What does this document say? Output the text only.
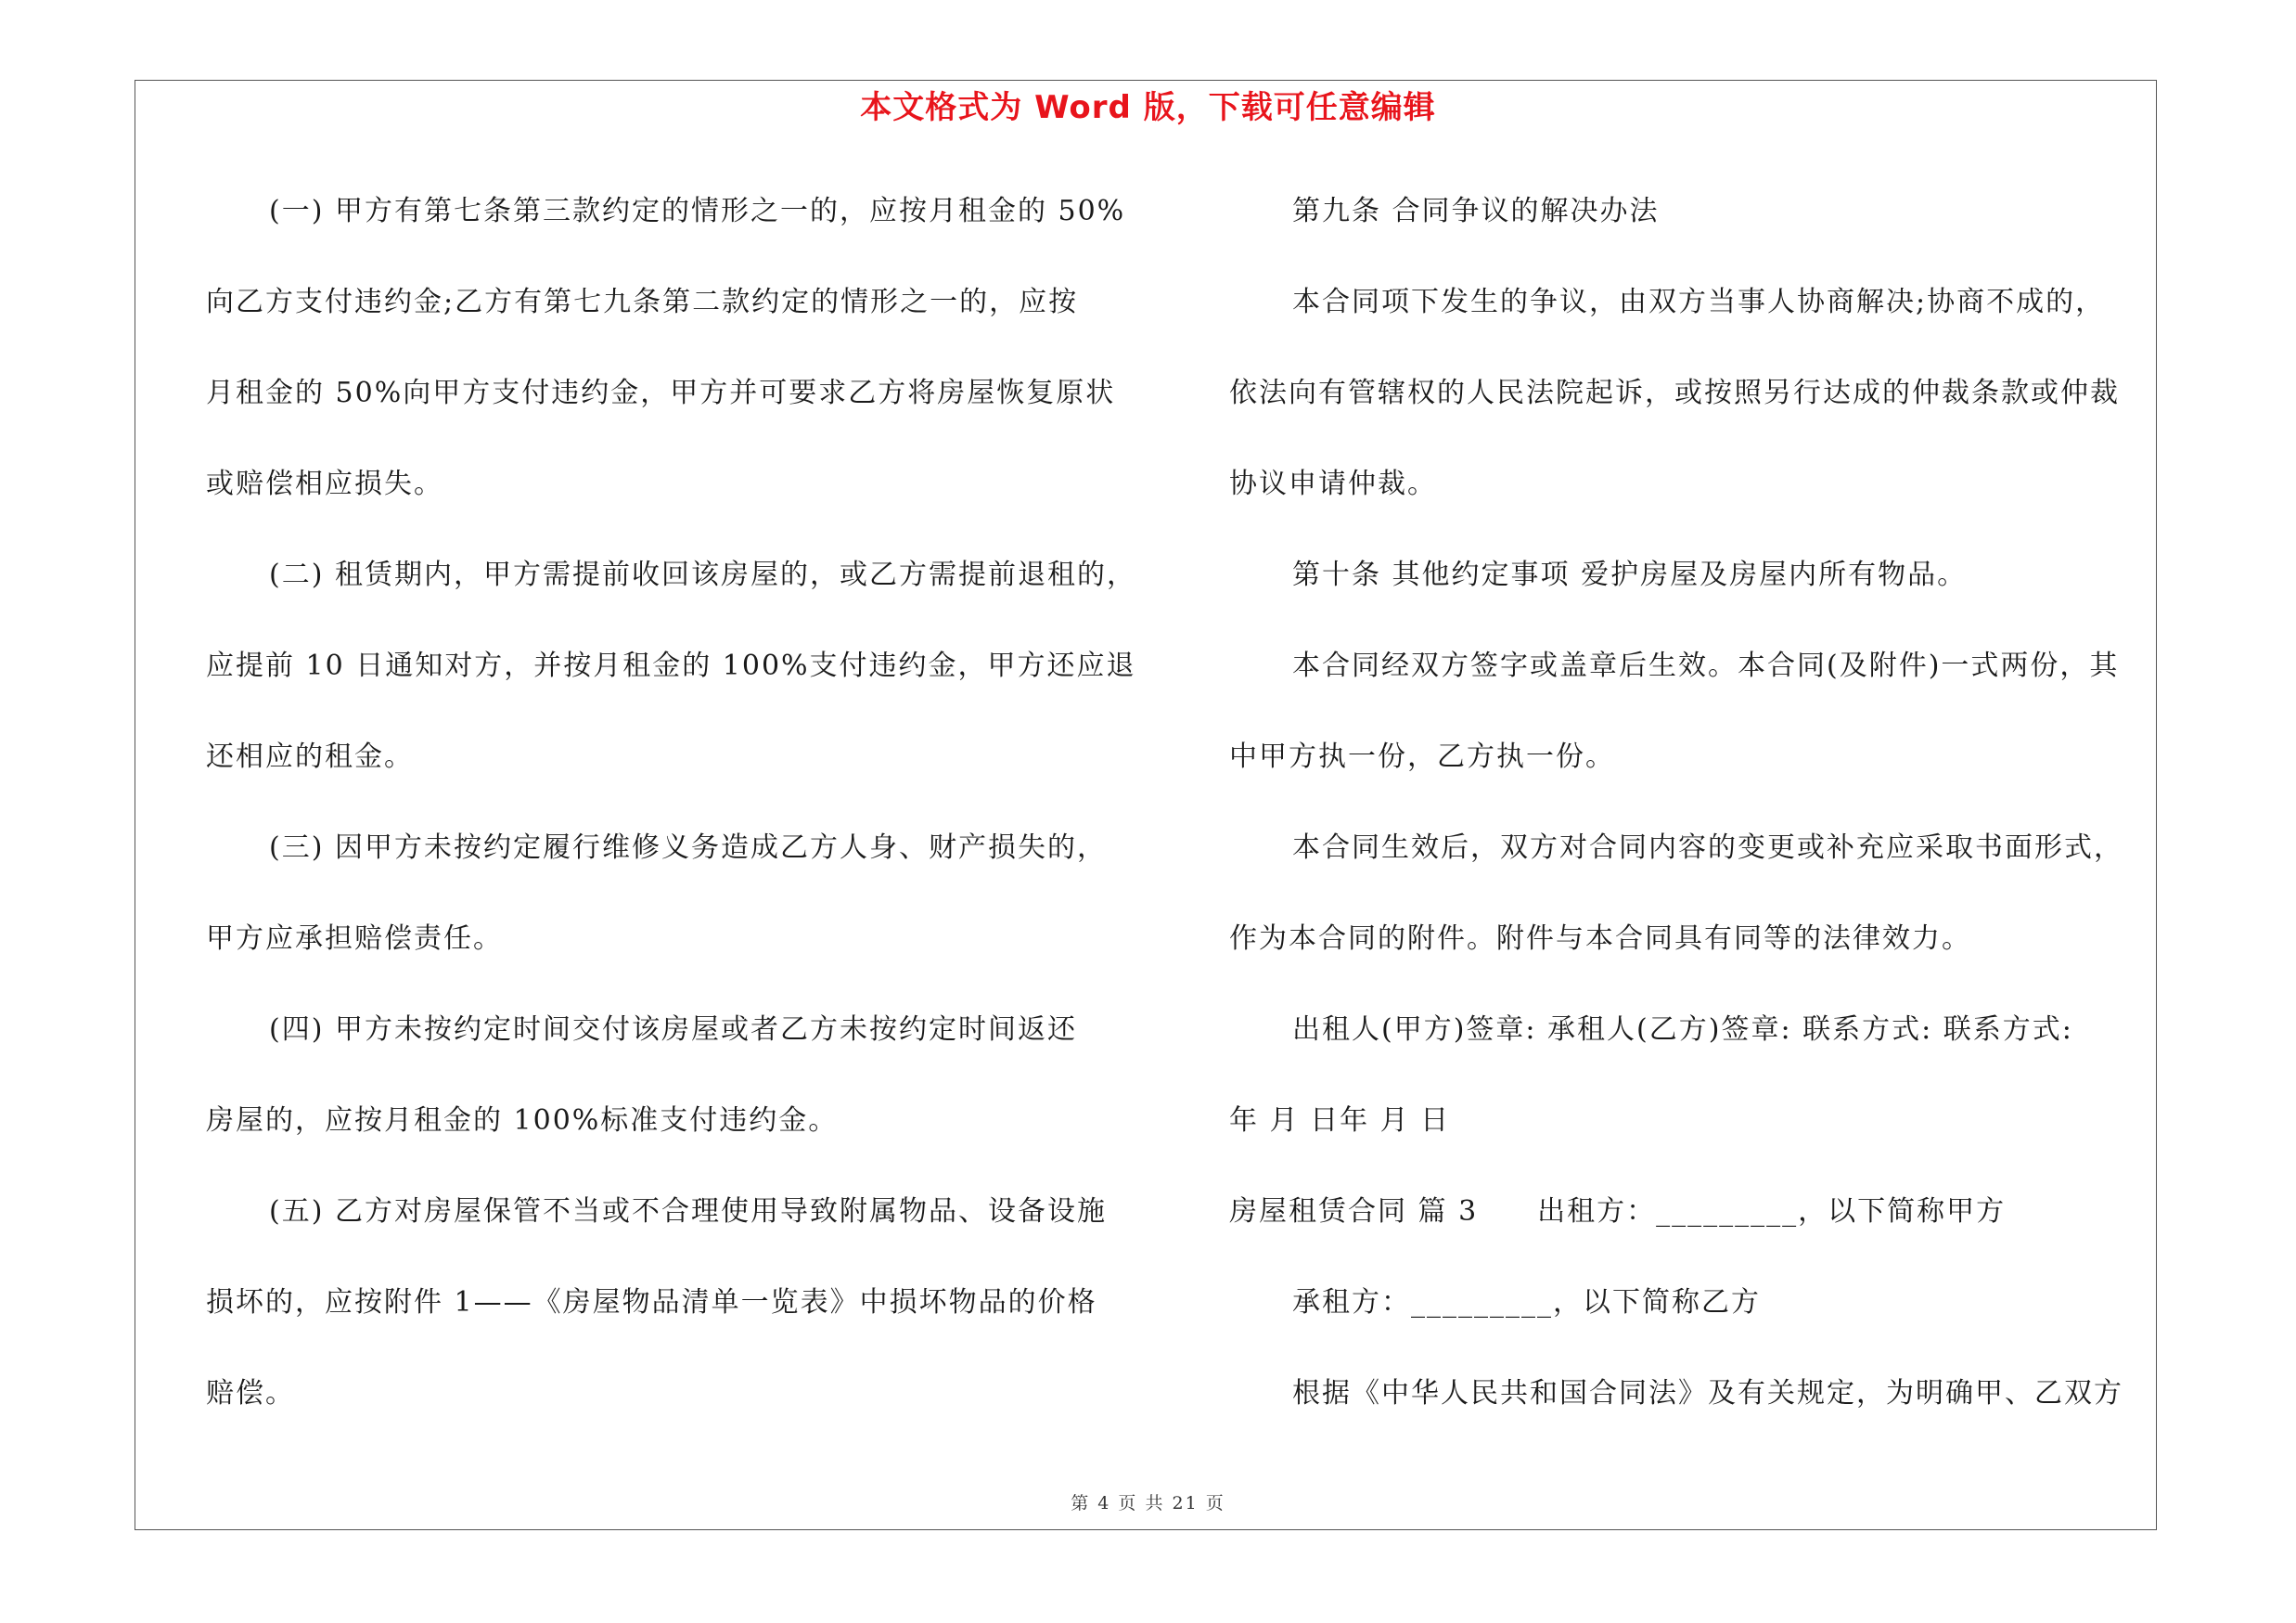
本文格式为 Word 版，下载可任意编辑
(一) 甲方有第七条第三款约定的情形之一的，应按月租金的 50%
向乙方支付违约金;乙方有第七九条第二款约定的情形之一的，应按
月租金的 50%向甲方支付违约金，甲方并可要求乙方将房屋恢复原状
或赔偿相应损失。
(二) 租赁期内，甲方需提前收回该房屋的，或乙方需提前退租的，
应提前 10 日通知对方，并按月租金的 100%支付违约金，甲方还应退
还相应的租金。
(三) 因甲方未按约定履行维修义务造成乙方人身、财产损失的，
甲方应承担赔偿责任。
(四) 甲方未按约定时间交付该房屋或者乙方未按约定时间返还
房屋的，应按月租金的 100%标准支付违约金。
(五) 乙方对房屋保管不当或不合理使用导致附属物品、设备设施
损坏的，应按附件 1——《房屋物品清单一览表》中损坏物品的价格
赔偿。
第九条 合同争议的解决办法
本合同项下发生的争议，由双方当事人协商解决;协商不成的，
依法向有管辖权的人民法院起诉，或按照另行达成的仲裁条款或仲裁
协议申请仲裁。
第十条 其他约定事项 爱护房屋及房屋内所有物品。
本合同经双方签字或盖章后生效。本合同(及附件)一式两份，其
中甲方执一份，乙方执一份。
本合同生效后，双方对合同内容的变更或补充应采取书面形式，
作为本合同的附件。附件与本合同具有同等的法律效力。
出租人(甲方)签章: 承租人(乙方)签章: 联系方式: 联系方式:
年 月 日年 月 日
房屋租赁合同 篇 3 出租方：_________，以下简称甲方
承租方：_________，以下简称乙方
根据《中华人民共和国合同法》及有关规定，为明确甲、乙双方
第 4 页 共 21 页
